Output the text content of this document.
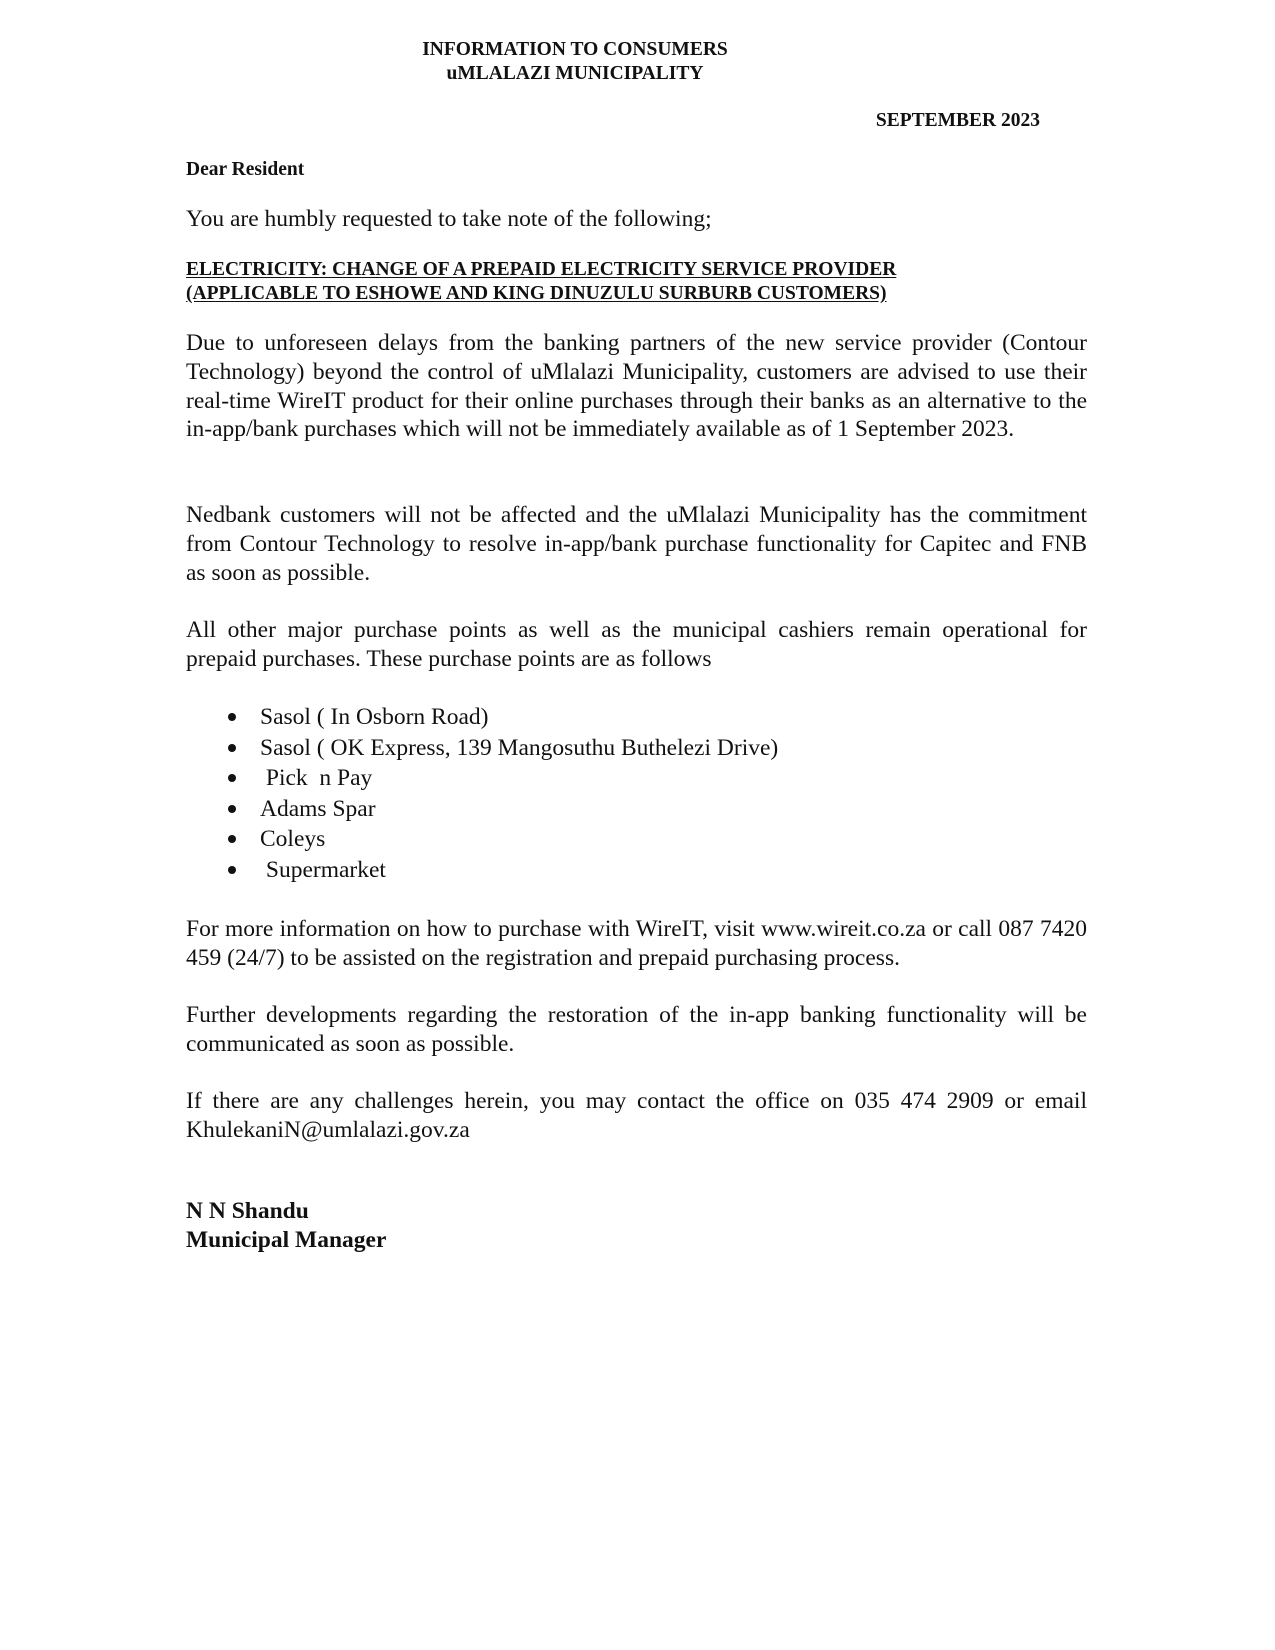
INFORMATION TO CONSUMERS
uMLALAZI MUNICIPALITY
SEPTEMBER 2023
Dear Resident
You are humbly requested to take note of the following;
ELECTRICITY: CHANGE OF A PREPAID ELECTRICITY SERVICE PROVIDER
(APPLICABLE TO ESHOWE AND KING DINUZULU SURBURB CUSTOMERS)

Due to unforeseen delays from the banking partners of the new service provider (Contour Technology) beyond the control of uMlalazi Municipality, customers are advised to use their real-time WireIT product for their online purchases through their banks as an alternative to the in-app/bank purchases which will not be immediately available as of 1 September 2023.

Nedbank customers will not be affected and the uMlalazi Municipality has the commitment from Contour Technology to resolve in-app/bank purchase functionality for Capitec and FNB as soon as possible.

All other major purchase points as well as the municipal cashiers remain operational for prepaid purchases. These purchase points are as follows

Sasol ( In Osborn Road)
Sasol ( OK Express, 139 Mangosuthu Buthelezi Drive)
Pick  n Pay
Adams Spar
Coleys
Supermarket

For more information on how to purchase with WireIT, visit www.wireit.co.za or call 087 7420 459 (24/7) to be assisted on the registration and prepaid purchasing process.

Further developments regarding the restoration of the in-app banking functionality will be communicated as soon as possible.

If there are any challenges herein, you may contact the office on 035 474 2909 or email KhulekaniN@umlalazi.gov.za

N N Shandu
Municipal Manager
